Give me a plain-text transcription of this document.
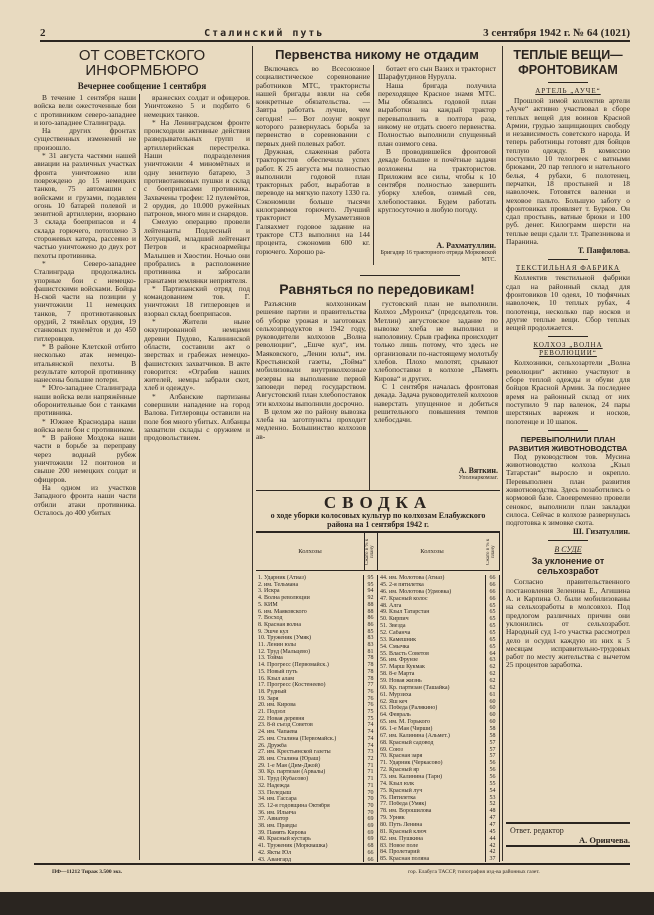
2	Сталинский путь	3 сентября 1942 г. № 64 (1021)
ОТ СОВЕТСКОГО ИНФОРМБЮРО
Вечернее сообщение 1 сентября

В течение 1 сентября наши войска вели ожесточенные бои с противником северо-западнее и юго-западнее Сталинграда.

На других фронтах существенных изменений не произошло.

* 31 августа частями нашей авиации на различных участках фронта уничтожено или повреждено до 15 немецких танков, 75 автомашин с войсками и грузами, подавлен огонь 10 батарей полевой и зенитной артиллерии, взорвано 3 склада боеприпасов и 4 склада горючего, потоплено 3 сторожевых катера, рассеяно и частью уничтожено до двух рот пехоты противника.

* Северо-западнее Сталинграда продолжались упорные бои с немецко-фашистскими войсками. Бойцы Н-ской части на позиции у уничтожили 11 немецких танков, 7 противотанковых орудий, 2 тяжёлых орудия, 19 станковых пулемётов и до 450 гитлеровцев.

* В районе Клетской отбито несколько атак немецко-итальянской пехоты. В результате которой противнику нанесены большие потери.

* Юго-западнее Сталинграда наши войска вели напряжённые оборонительные бои с танками противника.

* Южнее Краснодара наши войска вели бои с противником.

* В районе Моздока наши части в борьбе за переправу через водный рубеж уничтожили 12 понтонов и свыше 200 немецких солдат и офицеров.

На одном из участков Западного фронта наши части отбили атаки противника. Осталось до 400 убитых

вражеских солдат и офицеров. Уничтожено 5 и подбито 6 немецких танков.

* На Ленинградском фронте происходили активные действия разведывательных групп и артиллерийская перестрелка. Наши подразделения уничтожили 4 миномётных и одну зенитную батарею, 3 противотанковых пушки и склад с боеприпасами противника. Захвачены трофеи: 12 пулемётов, 2 орудия, до 10.000 ружейных патронов, много мин и снарядов.

Смелую операцию провели лейтенанты Подлесный и Хотунцкий, младший лейтенант Петров и красноармейцы Малышев и Хвостин. Ночью они пробрались в расположение противника и забросали гранатами землянки неприятеля.

* Партизанский отряд под командованием тов. Г. уничтожил 18 гитлеровцев и взорвал склад боеприпасов.

* Жители ныне оккупированной немцами деревни Пудово, Калининской области, составили акт о зверствах и грабежах немецко-фашистских захватчиков. В акте говорится: «Ограбив наших жителей, немцы забрали скот, хлеб и одежду».

* Албанские партизаны совершили нападение на город Валова. Гитлеровцы оставили на поле боя много убитых. Албанцы захватили склады с оружием и продовольствием.

Первенства никому не отдадим

Включаясь во Всесоюзное социалистическое соревнование работников МТС, трактористы нашей бригады взяли на себя конкретные обязательства. — Завтра работать лучше, чем сегодня! — Вот лозунг вокруг которого развернулась борьба за первенство в соревновании с первых дней полевых работ.

Дружная, слаженная работа трактористов обеспечила успех работ. К 25 августа мы полностью выполнили годовой план тракторных работ, выработав в переводе на мягкую пахоту 1330 га. Сэкономили больше тысячи килограммов горючего. Лучший тракторист Мухаметзянов Галяахмет годовое задание на тракторе СТЗ выполнил на 144 процента, сэкономив 600 кг. горючего. Хорошо ра-

ботает его сын Вазих и тракторист Шарафутдинов Нурулла.

Наша бригада получила переходящее Красное знамя МТС. Мы обязались годовой план выработки на каждый трактор перевыполнить в полтора раза, никому не отдать своего первенства. Полностью выполнили спущенный план озимого сева.

В проводившейся фронтовой декаде большие и почётные задачи возложены на трактористов. Приложим все силы, чтобы к 10 сентября полностью завершить уборку хлебов, озимый сев, хлебопоставки. Будем работать круглосуточно в любую погоду.

А. Рахматуллин.
Бригадир 16 тракторного отряда Морковской МТС.
Равняться по передовикам!

Разъяснив колхозникам решение партии и правительства об уборке урожая и заготовках сельхозпродуктов в 1942 году, руководители колхозов „Волна революции“, „Ешче кул“, им. Маяковского, „Ленин юлы“, им. Крестьянской газеты, „Тойма“ мобилизовали внутриколхозные резервы на выполнение первой заповеди перед государством. Августовский план хлебопоставок эти колхозы выполнили досрочно.

В целом же по району вывозка хлеба на заготпункты проходит медленно. Большинство колхозов ав-

густовский план не выполнили. Колхоз „Муроиха“ (председатель тов. Метлин) августовское задание по вывозке хлеба не выполнил и наполовину. Срыв графика происходит только лишь потому, что здесь не организовали по-настоящему молотьбу хлебов. Плохо молотят, срывают хлебопоставки в колхозе „Память Кирова“ и других.

С 1 сентября началась фронтовая декада. Задача руководителей колхозов наверстать упущенное и добиться решительного повышения темпов хлебосдачи.

А. Вяткин.
Уполнаркомзаг.
СВОДКА
о ходе уборки колосовых культур по колхозам Елабужского района на 1 сентября 1942 г.
Колхозы	Сжато в % к плану	Колхозы	Сжато в % к плану
1. Ударник (Атиаз)	95
2. им. Тельмана	95
3. Искра	94
4. Волна революции	92
5. КИМ	88
6. им. Маяковского	88
7. Восход	86
8. Красная волна	86
9. Эшче кул	85
10. Труженик (Умяк)	83
11. Ленин юлы	83
12. Труд (Мальцево)	81
13. Тойма	78
14. Прогресс (Первомайск.)	78
15. Новый путь	78
16. Кзыл алам	78
17. Прогресс (Костенеево)	77
18. Рудный	76
19. Заря	76
20. им. Кирова	76
21. Подзол	75
22. Новая деревня	75
23. 8-й съезд Советов	74
24. им. Чапаева	74
25. им. Сталина (Первомайск.)	74
26. Дружба	74
27. им. Крестьянской газеты	73
28. им. Сталина (Юраш)	72
29. 1-е Мая (Дим-Джой)	71
30. Кр. партизан (Арвалы)	71
31. Труд (Кубасово)	71
32. Надежда	71
33. Пеледыш	70
34. им. Гассара	70
35. 12-я годовщина Октября	70
36. им. Ильича	70
37. Авиатор	69
38. им. Правды	69
39. Память Кирова	69
40. Красный кустарь	69
41. Труженик (Морквашка)	68
42. Якты Юл	66
43. Авангард	66
44. им. Молотова (Атиаз)	66
45. 2-я пятилетка	66
46. им. Молотова (Удмовка)	66
47. Красный колос	66
48. Алга	65
49. Кзыл Татарстан	65
50. Кирпич	65
51. Звезда	65
52. Сабанча	65
53. Камешник	65
54. Смычка	65
55. Власть Советов	64
56. им. Фрунзе	63
57. Марш Кукмак	62
58. 8-е Марта	62
59. Новая жизнь	62
60. Кр. партизан (Ташайка)	62
61. Мурзиха	61
62. Яш кеч	60
63. Победа (Ралякино)	60
64. Февраль	60
65. им. М. Горького	60
66. 1-е Мая (Чирши)	58
67. им. Калинина (Альмет.)	58
68. Красный садовод	57
69. Союз	57
70. Красная заря	57
71. Ударник (Черкасово)	56
72. Красный яр	56
73. им. Калинина (Тарн)	56
74. Кзыл юлк	55
75. Красный луч	54
76. Пятилетка	53
77. Победа (Умяк)	52
78. им. Ворошилова	48
79. Урняк	47
80. Путь Ленина	47
81. Красный ключ	45
82. им. Пушкина	44
83. Новое поле	42
84. Пролетарий	42
85. Красная поляна	37
ТЕПЛЫЕ ВЕЩИ— ФРОНТОВИКАМ
АРТЕЛЬ „АУЧЕ“
Прошлой зимой коллектив артели „Ауче“ активно участвовал в сборе теплых вещей для воинов Красной Армии, грудью защищающих свободу и независимость советского народа. И теперь работницы готовят для бойцов теплую одежду. В комиссию поступило 10 телогреек с ватными брюками, 20 пар теплого и нательного белья, 4 рубахи, 6 полотенец, перчатки, 18 простыней и 18 наволочек. Готовятся валенки и меховое пальто. Большую заботу о фронтовиках проявляет т. Бурков. Он сдал простынь, ватные брюки и 100 руб. денег. Килограмм шерсти на теплые вещи сдали т.т. Трапезникова и Паранина.
Т. Панфилова.
ТЕКСТИЛЬНАЯ ФАБРИКА
Коллектив текстильной фабрики сдал на районный склад для фронтовиков 10 одеял, 10 тюфячных наволочек, 10 теплых рубах, 4 полотенца, несколько пар носков и другие теплые вещи. Сбор теплых вещей продолжается.
КОЛХОЗ „ВОЛНА РЕВОЛЮЦИИ“
Колхозники, сельхозартели „Волна революции“ активно участвуют в сборе теплой одежды и обуви для бойцов Красной Армии. За последнее время на районный склад от них поступило 9 пар валенок, 24 пары шерстяных варежек и носков, полотенце и 10 шапок.
ПЕРЕВЫПОЛНИЛИ ПЛАН РАЗВИТИЯ ЖИВОТНОВОДСТВА
Под руководством тов. Мусина животноводство колхоза „Кзыл Татарстан“ выросло и окрепло. Перевыполнен план развития животноводства. Здесь позаботились о кормовой базе. Своевременно провели сенокос, выполнили план закладки силоса. Сейчас в колхозе развернулась подготовка к зимовке скота.
Ш. Гизатуллин.
В СУДЕ
За уклонение от сельхозработ
Согласно правительственного постановления Зеленина Е., Агишина А. и Карпина О. были мобилизованы на сельхозработы в молсовхоз. Под предлогом различных причин они уклонились от сельхозработ. Народный суд 1-го участка рассмотрел дело и осудил каждую из них к 5 месяцам исправительно-трудовых работ по месту жительства с вычетом 25 процентов заработка.
Ответ. редактор
А. Оринчева.
ПФ—11212 Тираж 3.500 экз.	гор. Елабуга ТАССР, типография изд-ва районных газет.
